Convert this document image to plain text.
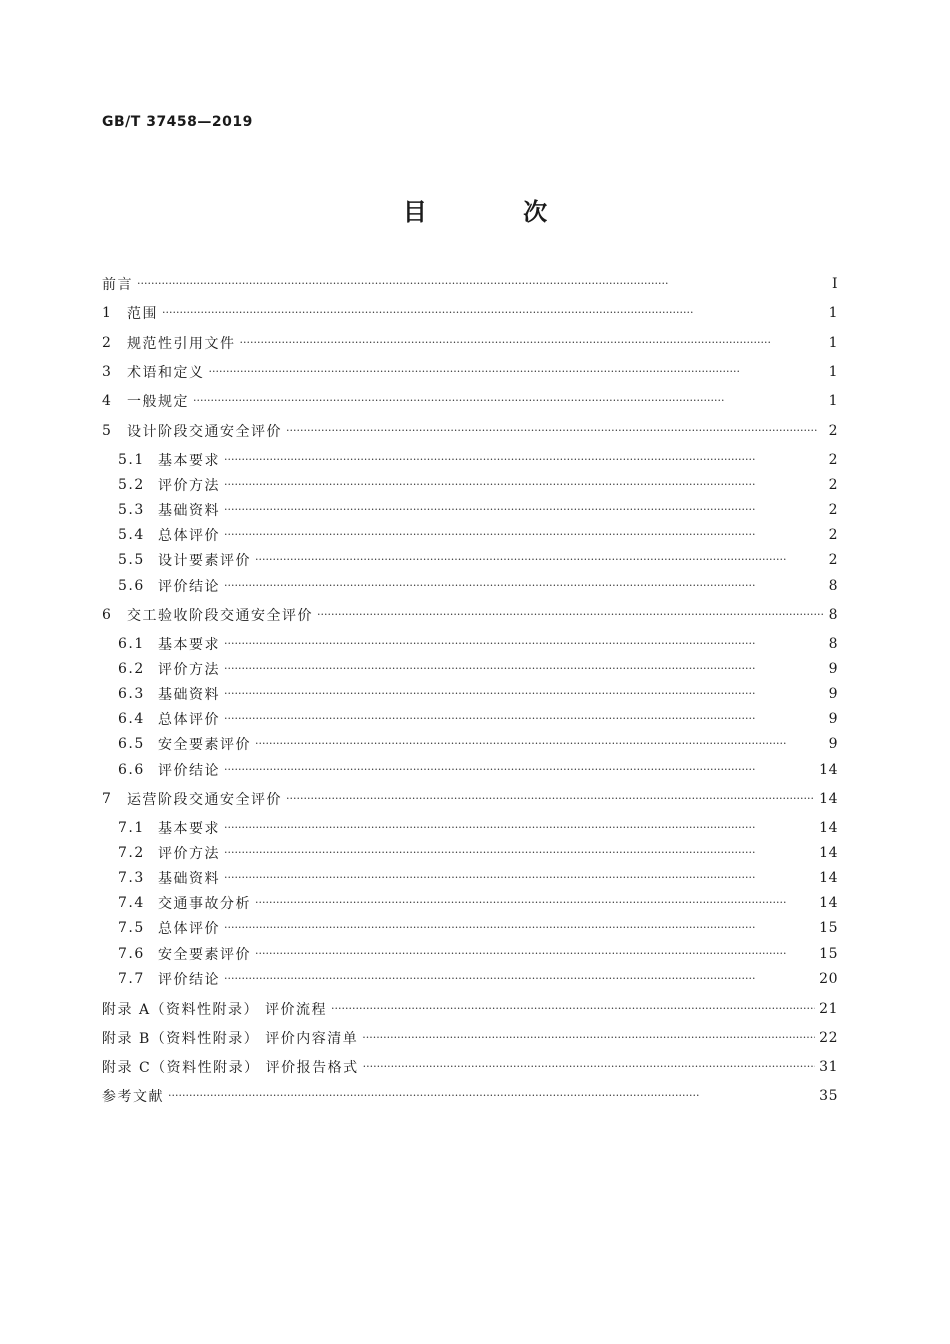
GB/T 37458—2019
目 次
前言 ·····	Ⅰ
1	范围 ·····	1
2	规范性引用文件 ·····	1
3	术语和定义 ·····	1
4	一般规定 ·····	1
5	设计阶段交通安全评价 ·····	2
5.1 基本要求 ·····	2
5.2 评价方法 ·····	2
5.3 基础资料 ·····	2
5.4 总体评价 ·····	2
5.5 设计要素评价 ·····	2
5.6 评价结论 ·····	8
6	交工验收阶段交通安全评价 ·····	8
6.1 基本要求 ·····	8
6.2 评价方法 ·····	9
6.3 基础资料 ·····	9
6.4 总体评价 ·····	9
6.5 安全要素评价 ·····	9
6.6 评价结论 ·····	14
7	运营阶段交通安全评价 ·····	14
7.1 基本要求 ·····	14
7.2 评价方法 ·····	14
7.3 基础资料 ·····	14
7.4 交通事故分析 ·····	14
7.5 总体评价 ·····	15
7.6 安全要素评价 ·····	15
7.7 评价结论 ·····	20
附录 A（资料性附录） 评价流程 ·····	21
附录 B（资料性附录） 评价内容清单 ·····	22
附录 C（资料性附录） 评价报告格式 ·····	31
参考文献 ·····	35
